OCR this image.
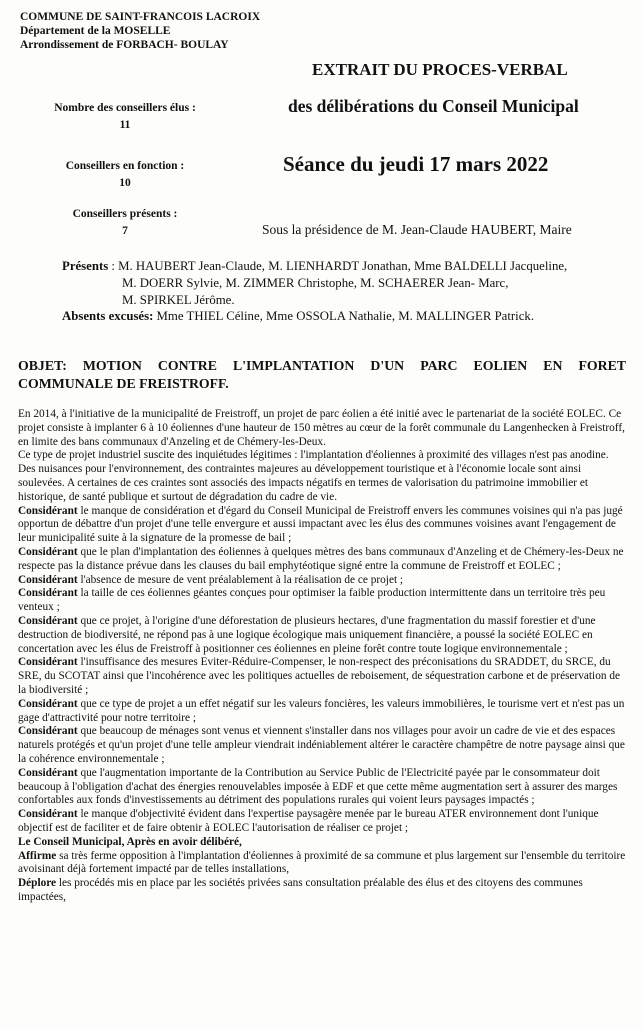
COMMUNE DE SAINT-FRANCOIS LACROIX
Département de la MOSELLE
Arrondissement de FORBACH- BOULAY
EXTRAIT DU PROCES-VERBAL
des délibérations du Conseil Municipal
Nombre des conseillers élus :
11
Conseillers en fonction :
10
Conseillers présents :
7
Séance du jeudi 17 mars 2022
Sous la présidence de M. Jean-Claude HAUBERT, Maire
Présents : M. HAUBERT Jean-Claude, M. LIENHARDT Jonathan, Mme BALDELLI Jacqueline,
M. DOERR Sylvie, M. ZIMMER Christophe, M. SCHAERER Jean- Marc,
M. SPIRKEL Jérôme.
Absents excusés: Mme THIEL Céline, Mme OSSOLA Nathalie, M. MALLINGER Patrick.
OBJET: MOTION CONTRE L'IMPLANTATION D'UN PARC EOLIEN EN FORET
COMMUNALE DE FREISTROFF.

En 2014, à l'initiative de la municipalité de Freistroff, un projet de parc éolien a été initié avec le partenariat de la société EOLEC. Ce projet consiste à implanter 6 à 10 éoliennes d'une hauteur de 150 mètres au cœur de la forêt communale du Langenhecken à Freistroff, en limite des bans communaux d'Anzeling et de Chémery-les-Deux.

Ce type de projet industriel suscite des inquiétudes légitimes : l'implantation d'éoliennes à proximité des villages n'est pas anodine. Des nuisances pour l'environnement, des contraintes majeures au développement touristique et à l'économie locale sont ainsi soulevées. A certaines de ces craintes sont associés des impacts négatifs en termes de valorisation du patrimoine immobilier et historique, de santé publique et surtout de dégradation du cadre de vie.

Considérant le manque de considération et d'égard du Conseil Municipal de Freistroff envers les communes voisines qui n'a pas jugé opportun de débattre d'un projet d'une telle envergure et aussi impactant avec les élus des communes voisines avant l'engagement de leur municipalité suite à la signature de la promesse de bail ;

Considérant que le plan d'implantation des éoliennes à quelques mètres des bans communaux d'Anzeling et de Chémery-les-Deux ne respecte pas la distance prévue dans les clauses du bail emphytéotique signé entre la commune de Freistroff et EOLEC ;

Considérant l'absence de mesure de vent préalablement à la réalisation de ce projet ;

Considérant la taille de ces éoliennes géantes conçues pour optimiser la faible production intermittente dans un territoire très peu venteux ;

Considérant que ce projet, à l'origine d'une déforestation de plusieurs hectares, d'une fragmentation du massif forestier et d'une destruction de biodiversité, ne répond pas à une logique écologique mais uniquement financière, a poussé la société EOLEC en concertation avec les élus de Freistroff à positionner ces éoliennes en pleine forêt contre toute logique environnementale ;

Considérant l'insuffisance des mesures Eviter-Réduire-Compenser, le non-respect des préconisations du SRADDET, du SRCE, du SRE, du SCOTAT ainsi que l'incohérence avec les politiques actuelles de reboisement, de séquestration carbone et de préservation de la biodiversité ;

Considérant que ce type de projet a un effet négatif sur les valeurs foncières, les valeurs immobilières, le tourisme vert et n'est pas un gage d'attractivité pour notre territoire ;

Considérant que beaucoup de ménages sont venus et viennent s'installer dans nos villages pour avoir un cadre de vie et des espaces naturels protégés et qu'un projet d'une telle ampleur viendrait indéniablement altérer le caractère champêtre de notre paysage ainsi que la cohérence environnementale ;

Considérant que l'augmentation importante de la Contribution au Service Public de l'Electricité payée par le consommateur doit beaucoup à l'obligation d'achat des énergies renouvelables imposée à EDF et que cette même augmentation sert à assurer des marges confortables aux fonds d'investissements au détriment des populations rurales qui voient leurs paysages impactés ;

Considérant le manque d'objectivité évident dans l'expertise paysagère menée par le bureau ATER environnement dont l'unique objectif est de faciliter et de faire obtenir à EOLEC l'autorisation de réaliser ce projet ;

Le Conseil Municipal, Après en avoir délibéré,

Affirme sa très ferme opposition à l'implantation d'éoliennes à proximité de sa commune et plus largement sur l'ensemble du territoire avoisinant déjà fortement impacté par de telles installations,

Déplore les procédés mis en place par les sociétés privées sans consultation préalable des élus et des citoyens des communes impactées,
